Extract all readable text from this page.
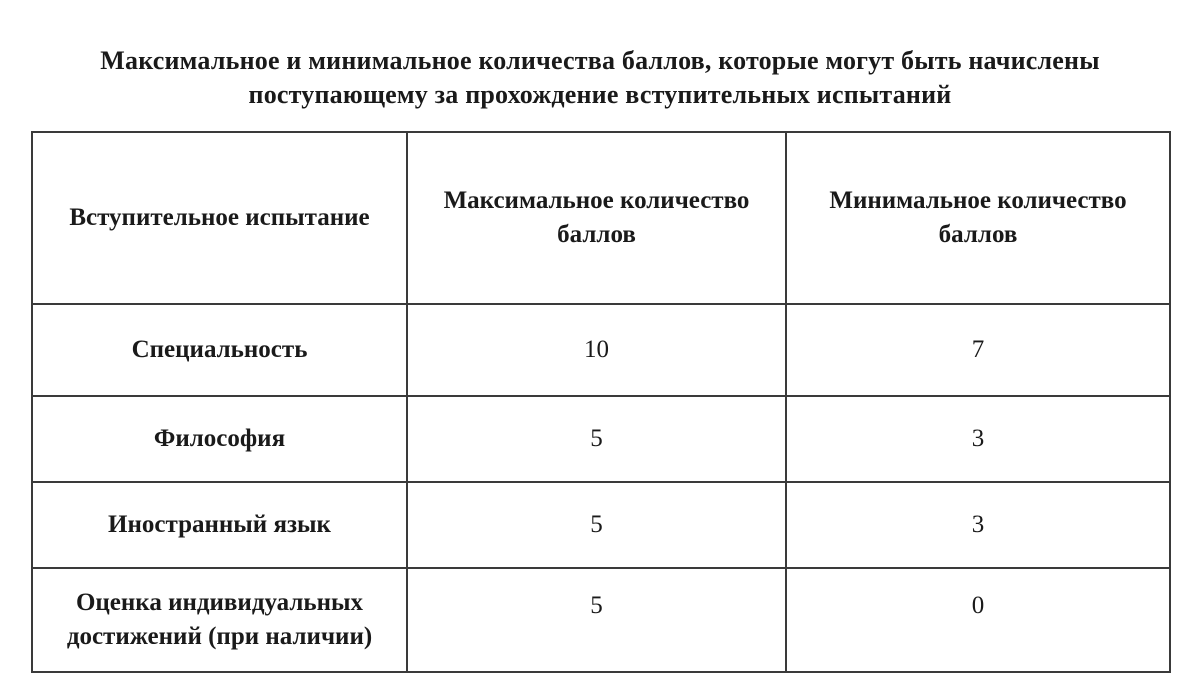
Максимальное и минимальное количества баллов, которые могут быть начислены
поступающему за прохождение вступительных испытаний
Вступительное испытание	Максимальное количество баллов	Минимальное количество баллов
Специальность	10	7
Философия	5	3
Иностранный язык	5	3
Оценка индивидуальных достижений (при наличии)	5	0
